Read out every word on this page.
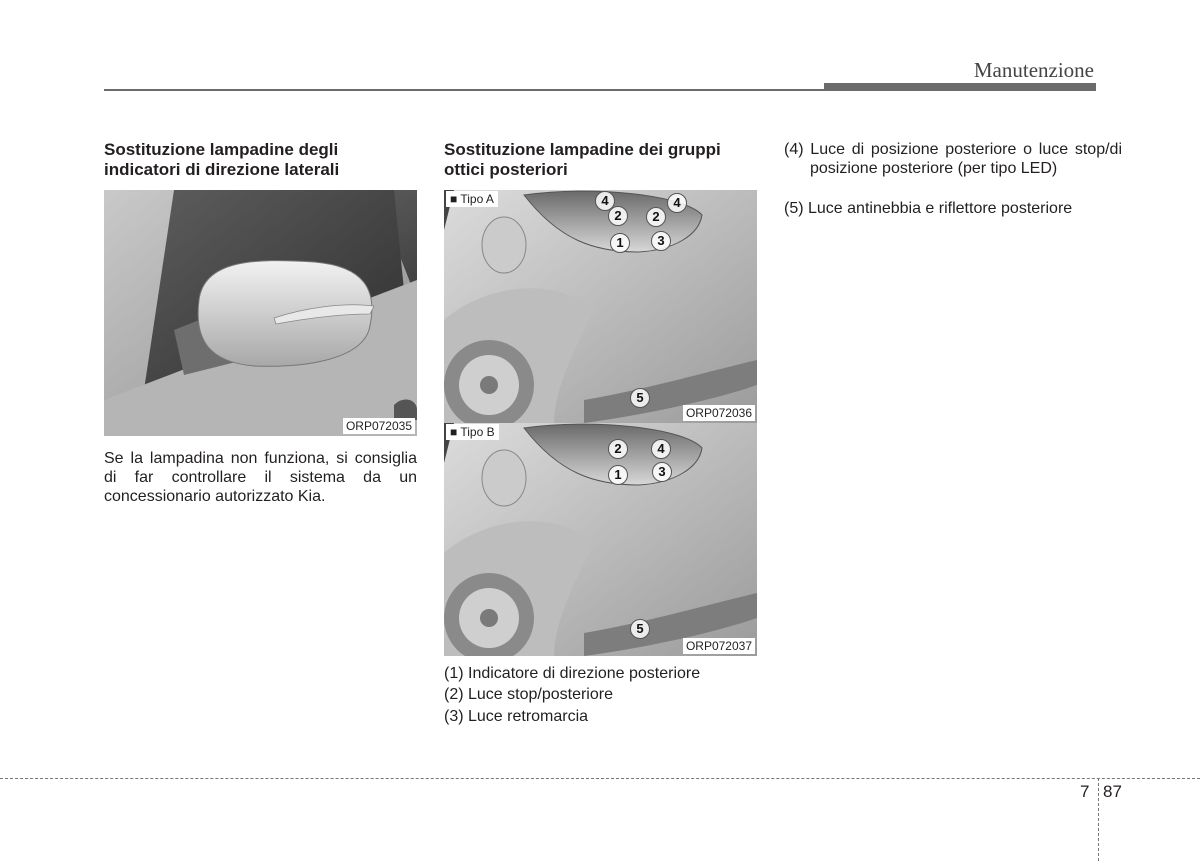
Manutenzione
Sostituzione lampadine degli indicatori di direzione laterali
ORP072035
Se la lampadina non funziona, si consiglia di far controllare il sistema da un concessionario autorizzato Kia.
Sostituzione lampadine dei gruppi ottici posteriori
■ Tipo A	4
2
4
2
1	3
5
ORP072036
■ Tipo B
2	4
1	3
5
ORP072037
(1) Indicatore di direzione posteriore
(2) Luce stop/posteriore
(3) Luce retromarcia
(4) Luce di posizione posteriore o luce stop/di posizione posteriore (per tipo LED)
(5) Luce antinebbia e riflettore posteriore
7 87
